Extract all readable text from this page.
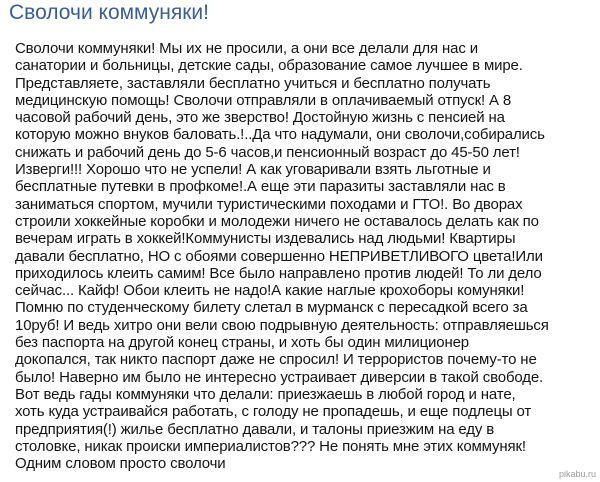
Сволочи коммуняки!
Сволочи коммуняки! Мы их не просили, а они все делали для нас и
санатории и больницы, детские сады, образование самое лучшее в мире.
Представляете, заставляли бесплатно учиться и бесплатно получать
медицинскую помощь! Сволочи отправляли в оплачиваемый отпуск! А 8
часовой рабочий день, это же зверство! Достойную жизнь с пенсией на
которую можно внуков баловать.!..Да что надумали, они сволочи,собирались
снижать и рабочий день до 5-6 часов,и пенсионный возраст до 45-50 лет!
Изверги!!! Хорошо что не успели! А как уговаривали взять льготные и
бесплатные путевки в профкоме!.А еще эти паразиты заставляли нас в
заниматься спортом, мучили туристическими походами и ГТО!. Во дворах
строили хоккейные коробки и молодежи ничего не оставалось делать как по
вечерам играть в хоккей!Коммунисты издевались над людьми! Квартиры
давали бесплатно, НО с обоями совершенно НЕПРИВЕТЛИВОГО цвета!Или
приходилось клеить самим! Все было направлено против людей! То ли дело
сейчас... Кайф! Обои клеить не надо!А какие наглые крохоборы комуняки!
Помню по студенческому билету слетал в мурманск с пересадкой всего за
10руб! И ведь хитро они вели свою подрывную деятельность: отправляешься
без паспорта на другой конец страны, и хоть бы один милиционер
докопался, так никто паспорт даже не спросил! И террористов почему-то не
было! Наверно им было не интересно устраивает диверсии в такой свободе.
Вот ведь гады коммуняки что делали: приезжаешь в любой город и нате,
хоть куда устраивайся работать, с голоду не пропадешь, и еще подлецы от
предприятия(!) жилье бесплатно давали, и талоны приезжим на еду в
столовке, никак происки империалистов??? Не понять мне этих коммуняк!
Одним словом просто сволочи
pikabu.ru
